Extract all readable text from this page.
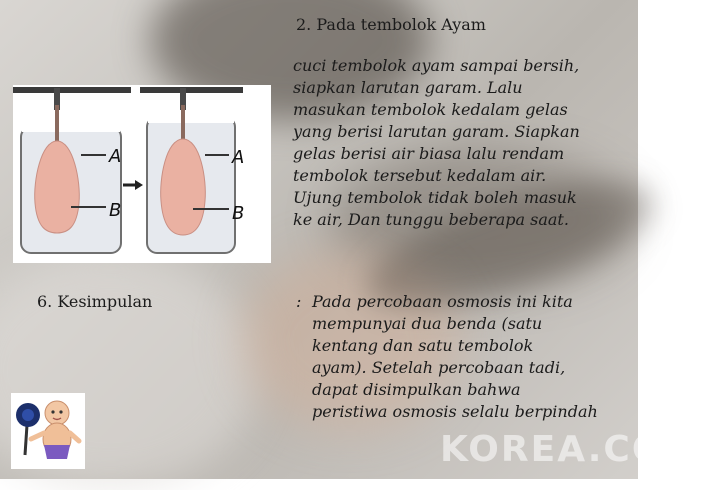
KOREA.COM
A
B
A
B
2. Pada tembolok Ayam

cuci tembolok ayam sampai bersih,
siapkan larutan garam. Lalu
masukan tembolok kedalam gelas
yang berisi larutan garam. Siapkan
gelas berisi air biasa lalu rendam
tembolok tersebut kedalam air.
Ujung tembolok tidak boleh masuk
ke air, Dan tunggu beberapa saat.

6. Kesimpulan	: Pada percobaan osmosis ini kita
mempunyai dua benda (satu
kentang dan satu tembolok
ayam). Setelah percobaan tadi,
dapat disimpulkan bahwa
peristiwa osmosis selalu berpindah
